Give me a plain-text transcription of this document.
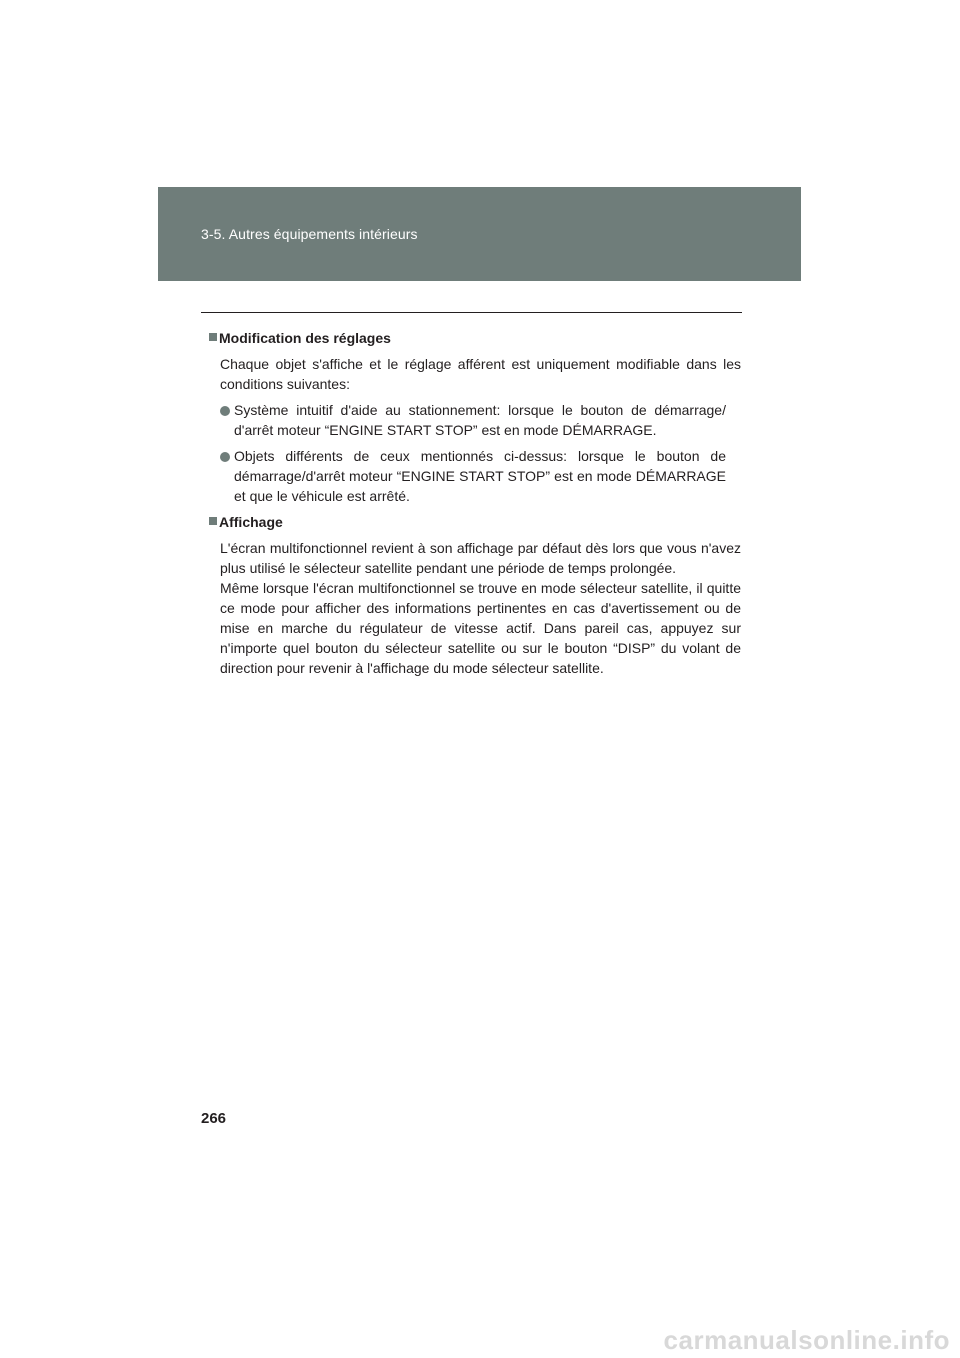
3-5. Autres équipements intérieurs
Modification des réglages
Chaque objet s'affiche et le réglage afférent est uniquement modifiable dans les conditions suivantes:
Système intuitif d'aide au stationnement: lorsque le bouton de démarrage/ d'arrêt moteur “ENGINE START STOP” est en mode DÉMARRAGE.
Objets différents de ceux mentionnés ci-dessus: lorsque le bouton de démarrage/d'arrêt moteur “ENGINE START STOP” est en mode DÉMARRAGE et que le véhicule est arrêté.
Affichage
L'écran multifonctionnel revient à son affichage par défaut dès lors que vous n'avez plus utilisé le sélecteur satellite pendant une période de temps prolongée.
Même lorsque l'écran multifonctionnel se trouve en mode sélecteur satellite, il quitte ce mode pour afficher des informations pertinentes en cas d'avertissement ou de mise en marche du régulateur de vitesse actif. Dans pareil cas, appuyez sur n'importe quel bouton du sélecteur satellite ou sur le bouton “DISP” du volant de direction pour revenir à l'affichage du mode sélecteur satellite.
266
carmanualsonline.info
